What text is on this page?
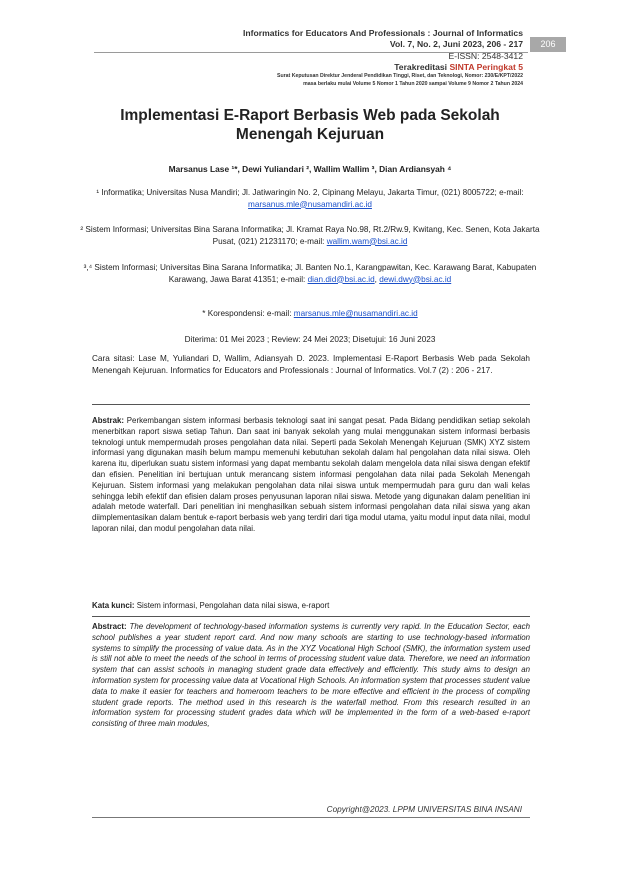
Informatics for Educators And Professionals : Journal of Informatics
Vol. 7, No. 2, Juni 2023, 206 - 217	206
E-ISSN: 2548-3412
Terakreditasi SINTA Peringkat 5
Surat Keputusan Direktur Jenderal Pendidikan Tinggi, Riset, dan Teknologi, Nomor: 230/E/KPT/2022
masa berlaku mulai Volume 5 Nomor 1 Tahun 2020 sampai Volume 9 Nomor 2 Tahun 2024
Implementasi E-Raport Berbasis Web pada Sekolah
Menengah Kejuruan
Marsanus Lase ¹*, Dewi Yuliandari ², Wallim Wallim ³, Dian Ardiansyah ⁴
¹ Informatika; Universitas Nusa Mandiri; Jl. Jatiwaringin No. 2, Cipinang Melayu, Jakarta Timur, (021) 8005722; e-mail: marsanus.mle@nusamandiri.ac.id
² Sistem Informasi; Universitas Bina Sarana Informatika; Jl. Kramat Raya No.98, Rt.2/Rw.9, Kwitang, Kec. Senen, Kota Jakarta Pusat, (021) 21231170; e-mail: wallim.wam@bsi.ac.id
³,⁴ Sistem Informasi; Universitas Bina Sarana Informatika; Jl. Banten No.1, Karangpawitan, Kec. Karawang Barat, Kabupaten Karawang, Jawa Barat 41351; e-mail: dian.did@bsi.ac.id, dewi.dwy@bsi.ac.id
* Korespondensi: e-mail: marsanus.mle@nusamandiri.ac.id
Diterima: 01 Mei 2023 ; Review: 24 Mei 2023; Disetujui: 16 Juni 2023
Cara sitasi: Lase M, Yuliandari D, Wallim, Adiansyah D. 2023. Implementasi E-Raport Berbasis Web pada Sekolah Menengah Kejuruan. Informatics for Educators and Professionals : Journal of Informatics. Vol.7 (2) : 206 - 217.
Abstrak: Perkembangan sistem informasi berbasis teknologi saat ini sangat pesat. Pada Bidang pendidikan setiap sekolah menerbitkan raport siswa setiap Tahun. Dan saat ini banyak sekolah yang mulai menggunakan sistem informasi berbasis teknologi untuk mempermudah proses pengolahan data nilai. Seperti pada Sekolah Menengah Kejuruan (SMK) XYZ sistem informasi yang digunakan masih belum mampu memenuhi kebutuhan sekolah dalam hal pengolahan data nilai siswa. Oleh karena itu, diperlukan suatu sistem informasi yang dapat membantu sekolah dalam mengelola data nilai siswa dengan efektif dan efisien. Penelitian ini bertujuan untuk merancang sistem informasi pengolahan data nilai pada Sekolah Menengah Kejuruan. Sistem informasi yang melakukan pengolahan data nilai siswa untuk mempermudah para guru dan wali kelas sehingga lebih efektif dan efisien dalam proses penyusunan laporan nilai siswa. Metode yang digunakan dalam penelitian ini adalah metode waterfall. Dari penelitian ini menghasilkan sebuah sistem informasi pengolahan data nilai siswa yang akan diimplementasikan dalam bentuk e-raport berbasis web yang terdiri dari tiga modul utama, yaitu modul input data nilai, modul laporan nilai, dan modul pengolahan data nilai.
Kata kunci: Sistem informasi, Pengolahan data nilai siswa, e-raport
Abstract: The development of technology-based information systems is currently very rapid. In the Education Sector, each school publishes a year student report card. And now many schools are starting to use technology-based information systems to simplify the processing of value data. As in the XYZ Vocational High School (SMK), the information system used is still not able to meet the needs of the school in terms of processing student value data. Therefore, we need an information system that can assist schools in managing student grade data effectively and efficiently. This study aims to design an information system for processing value data at Vocational High Schools. An information system that processes student value data to make it easier for teachers and homeroom teachers to be more effective and efficient in the process of compiling student grade reports. The method used in this research is the waterfall method. From this research resulted in an information system for processing student grades data which will be implemented in the form of a web-based e-raport consisting of three main modules,
Copyright@2023. LPPM UNIVERSITAS BINA INSANI
